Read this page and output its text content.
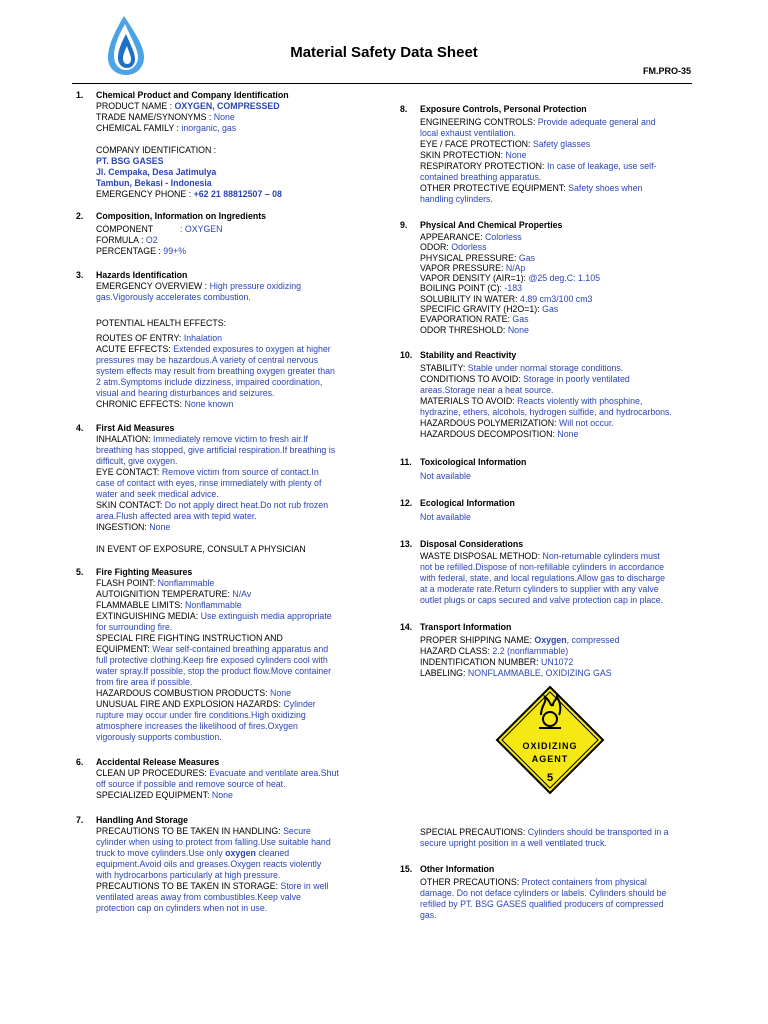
Material Safety Data Sheet
FM.PRO-35
1.	Chemical Product and Company Identification
PRODUCT NAME : OXYGEN, COMPRESSED
TRADE NAME/SYNONYMS : None
CHEMICAL FAMILY : inorganic, gas
COMPANY IDENTIFICATION :
PT. BSG GASES
Jl. Cempaka, Desa Jatimulya
Tambun, Bekasi - Indonesia
EMERGENCY PHONE : +62 21 88812507 – 08
2.	Composition, Information on Ingredients
COMPONENT	: OXYGEN
FORMULA : O2
PERCENTAGE : 99+%
3.	Hazards Identification
EMERGENCY OVERVIEW : High pressure oxidizing
gas.Vigorously accelerates combustion.
POTENTIAL HEALTH EFFECTS:
ROUTES OF ENTRY: Inhalation
ACUTE EFFECTS: Extended exposures to oxygen at higher
pressures may be hazardous.A variety of central nervous
system effects may result from breathing oxygen greater than
2 atm.Symptoms include dizziness, impaired coordination,
visual and hearing disturbances and seizures.
CHRONIC EFFECTS: None known
4.	First Aid Measures
INHALATION: Immediately remove victim to fresh air.If
breathing has stopped, give artificial respiration.If breathing is
difficult, give oxygen.
EYE CONTACT: Remove victim from source of contact.In
case of contact with eyes, rinse immediately with plenty of
water and seek medical advice.
SKIN CONTACT: Do not apply direct heat.Do not rub frozen
area.Flush affected area with tepid water.
INGESTION: None
IN EVENT OF EXPOSURE, CONSULT A PHYSICIAN
5.	Fire Fighting Measures
FLASH POINT: Nonflammable
AUTOIGNITION TEMPERATURE: N/Av
FLAMMABLE LIMITS: Nonflammable
EXTINGUISHING MEDIA: Use extinguish media appropriate
for surrounding fire.
SPECIAL FIRE FIGHTING INSTRUCTION AND
EQUIPMENT: Wear self-contained breathing apparatus and
full protective clothing.Keep fire exposed cylinders cool with
water spray.If possible, stop the product flow.Move container
from fire area if possible.
HAZARDOUS COMBUSTION PRODUCTS: None
UNUSUAL FIRE AND EXPLOSION HAZARDS: Cylinder
rupture may occur under fire conditions.High oxidizing
atmosphere increases the likelihood of fires.Oxygen
vigorously supports combustion.
6.	Accidental Release Measures
CLEAN UP PROCEDURES: Evacuate and ventilate area.Shut
off source if possible and remove source of heat.
SPECIALIZED EQUIPMENT: None
7.	Handling And Storage
PRECAUTIONS TO BE TAKEN IN HANDLING: Secure
cylinder when using to protect from falling.Use suitable hand
truck to move cylinders.Use only oxygen cleaned
equipment.Avoid oils and greases.Oxygen reacts violently
with hydrocarbons particularly at high pressure.
PRECAUTIONS TO BE TAKEN IN STORAGE: Store in well
ventilated areas away from combustibles.Keep valve
protection cap on cylinders when not in use.
8.	Exposure Controls, Personal Protection
ENGINEERING CONTROLS: Provide adequate general and
local exhaust ventilation.
EYE / FACE PROTECTION: Safety glasses
SKIN PROTECTION: None
RESPIRATORY PROTECTION: In case of leakage, use self-
contained breathing apparatus.
OTHER PROTECTIVE EQUIPMENT: Safety shoes when
handling cylinders.
9.	Physical And Chemical Properties
APPEARANCE: Colorless
ODOR: Odorless
PHYSICAL PRESSURE: Gas
VAPOR PRESSURE: N/Ap
VAPOR DENSITY (AIR=1): @25 deg.C: 1.105
BOILING POINT (C): -183
SOLUBILITY IN WATER: 4.89 cm3/100 cm3
SPECIFIC GRAVITY (H2O=1): Gas
EVAPORATION RATE: Gas
ODOR THRESHOLD: None
10. Stability and Reactivity
STABILITY: Stable under normal storage conditions.
CONDITIONS TO AVOID: Storage in poorly ventilated
areas.Storage near a heat source.
MATERIALS TO AVOID: Reacts violently with phosphine,
hydrazine, ethers, alcohols, hydrogen sulfide, and hydrocarbons.
HAZARDOUS POLYMERIZATION: Will not occur.
HAZARDOUS DECOMPOSITION: None
11. Toxicological Information
Not available
12. Ecological Information
Not available
13. Disposal Considerations
WASTE DISPOSAL METHOD: Non-returnable cylinders must
not be refilled.Dispose of non-refillable cylinders in accordance
with federal, state, and local regulations.Allow gas to discharge
at a moderate rate.Return cylinders to supplier with any valve
outlet plugs or caps secured and valve protection cap in place.
14. Transport Information
PROPER SHIPPING NAME: Oxygen, compressed
HAZARD CLASS: 2.2 (nonflammable)
INDENTIFICATION NUMBER: UN1072
LABELING: NONFLAMMABLE, OXIDIZING GAS
OXIDIZING
AGENT
5
SPECIAL PRECAUTIONS: Cylinders should be transported in a
secure upright position in a well ventilated truck.
15. Other Information
OTHER PRECAUTIONS: Protect containers from physical
damage. Do not deface cylinders or labels. Cylinders should be
refilled by PT. BSG GASES qualified producers of compressed
gas.
